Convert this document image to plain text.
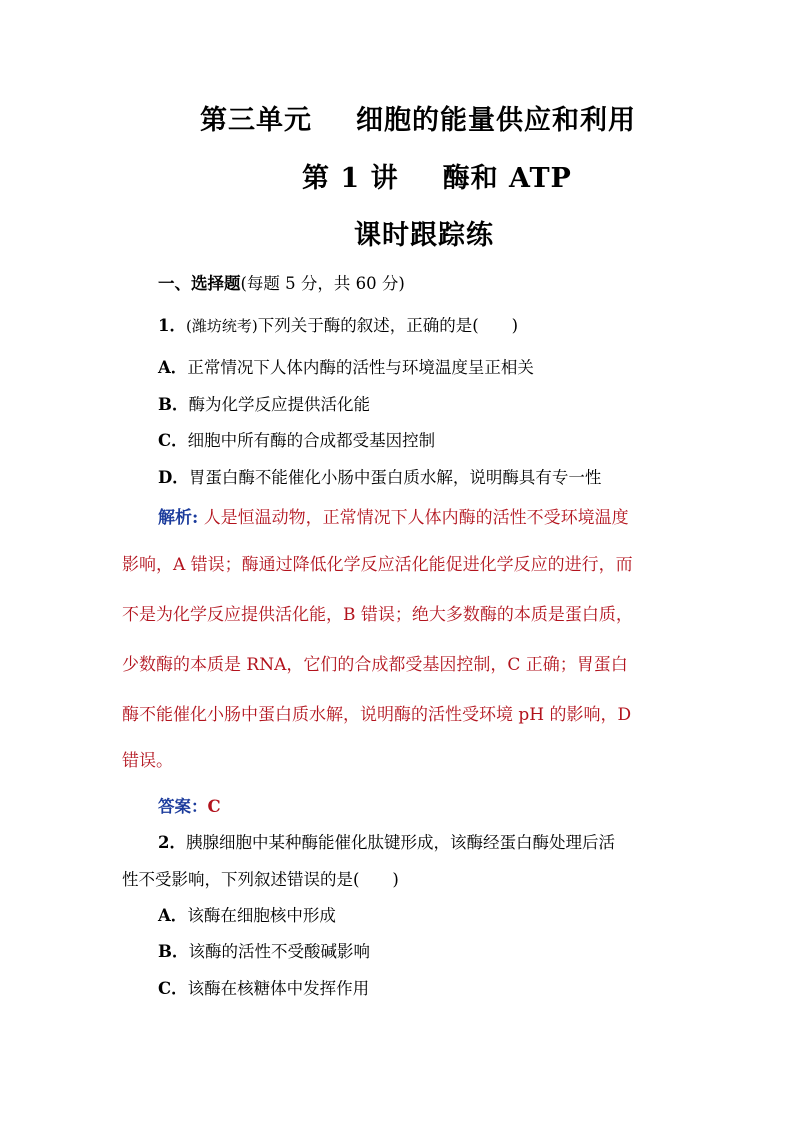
第三单元 细胞的能量供应和利用
第 1 讲 酶和 ATP
课时跟踪练
一、选择题(每题 5 分，共 60 分)
1．(潍坊统考)下列关于酶的叙述，正确的是(　　)
A．正常情况下人体内酶的活性与环境温度呈正相关
B．酶为化学反应提供活化能
C．细胞中所有酶的合成都受基因控制
D．胃蛋白酶不能催化小肠中蛋白质水解，说明酶具有专一性
解析: 人是恒温动物，正常情况下人体内酶的活性不受环境温度
影响，A 错误；酶通过降低化学反应活化能促进化学反应的进行，而
不是为化学反应提供活化能，B 错误；绝大多数酶的本质是蛋白质，
少数酶的本质是 RNA，它们的合成都受基因控制，C 正确；胃蛋白
酶不能催化小肠中蛋白质水解，说明酶的活性受环境 pH 的影响，D
错误。
答案：C
2．胰腺细胞中某种酶能催化肽键形成，该酶经蛋白酶处理后活
性不受影响，下列叙述错误的是(　　)
A．该酶在细胞核中形成
B．该酶的活性不受酸碱影响
C．该酶在核糖体中发挥作用
